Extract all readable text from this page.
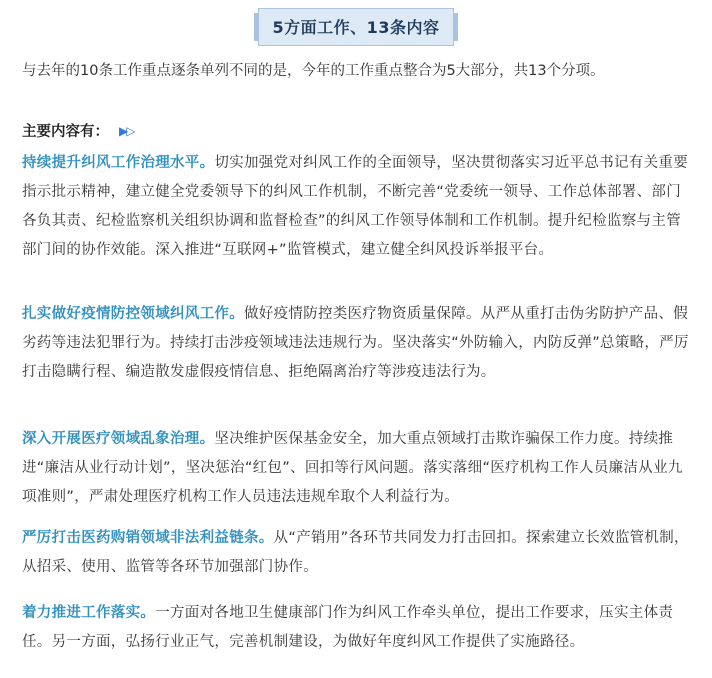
5方面工作、13条内容
与去年的10条工作重点逐条单列不同的是，今年的工作重点整合为5大部分，共13个分项。
主要内容有： ▶▷
持续提升纠风工作治理水平。切实加强党对纠风工作的全面领导，坚决贯彻落实习近平总书记有关重要指示批示精神，建立健全党委领导下的纠风工作机制，不断完善“党委统一领导、工作总体部署、部门各负其责、纪检监察机关组织协调和监督检查”的纠风工作领导体制和工作机制。提升纪检监察与主管部门间的协作效能。深入推进“互联网+”监管模式，建立健全纠风投诉举报平台。
扎实做好疫情防控领域纠风工作。做好疫情防控类医疗物资质量保障。从严从重打击伪劣防护产品、假劣药等违法犯罪行为。持续打击涉疫领域违法违规行为。坚决落实“外防输入，内防反弹”总策略，严厉打击隐瞒行程、编造散发虚假疫情信息、拒绝隔离治疗等涉疫违法行为。
深入开展医疗领域乱象治理。坚决维护医保基金安全，加大重点领域打击欺诈骗保工作力度。持续推进“廉洁从业行动计划”，坚决惩治“红包”、回扣等行风问题。落实落细“医疗机构工作人员廉洁从业九项准则”，严肃处理医疗机构工作人员违法违规牟取个人利益行为。
严厉打击医药购销领域非法利益链条。从“产销用”各环节共同发力打击回扣。探索建立长效监管机制，从招采、使用、监管等各环节加强部门协作。
着力推进工作落实。一方面对各地卫生健康部门作为纠风工作牵头单位，提出工作要求，压实主体责任。另一方面，弘扬行业正气，完善机制建设，为做好年度纠风工作提供了实施路径。
